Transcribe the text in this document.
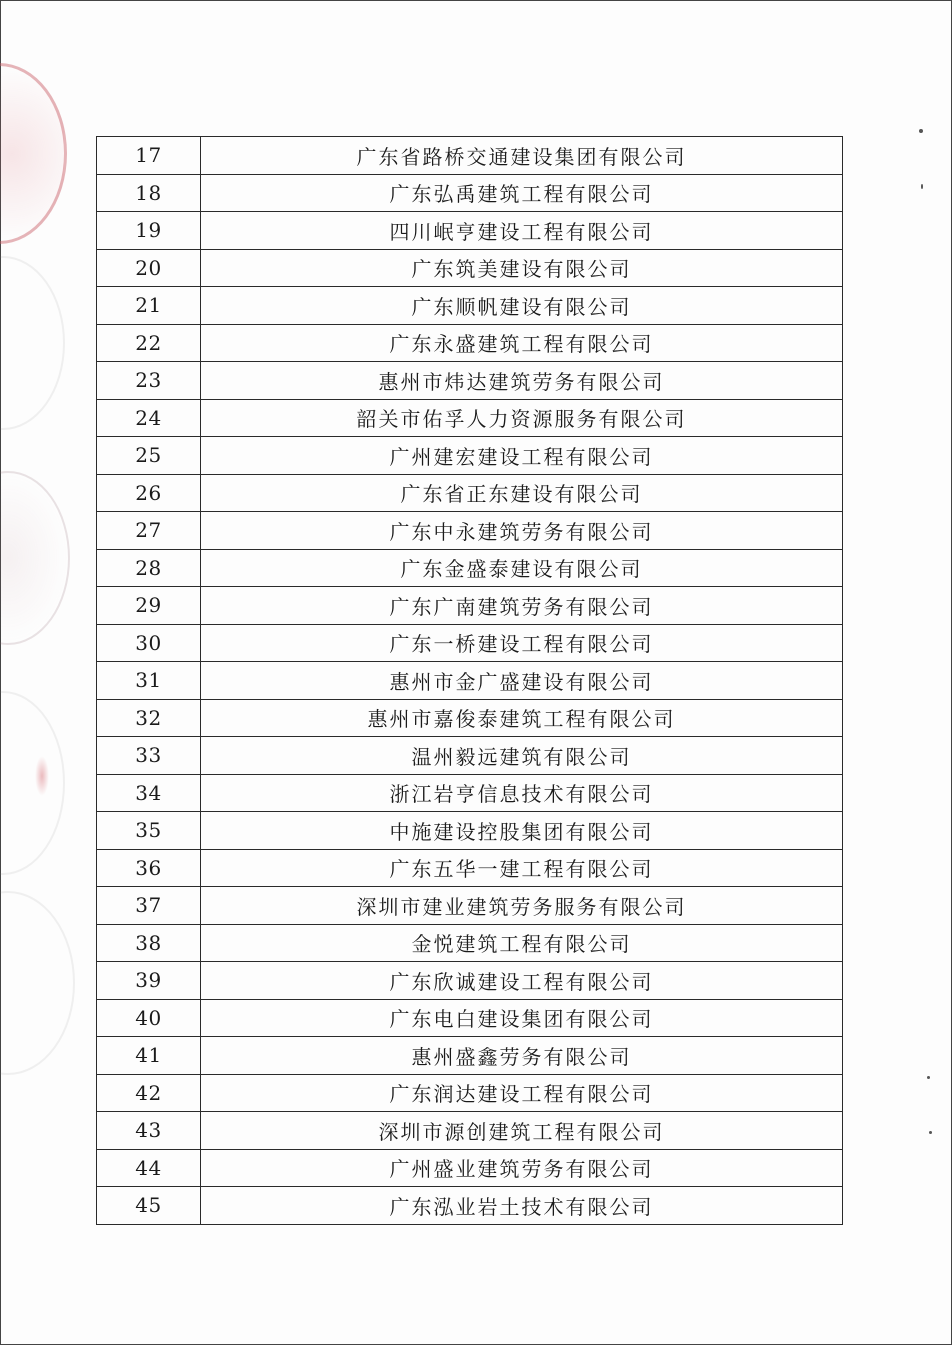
17	广东省路桥交通建设集团有限公司
18	广东弘禹建筑工程有限公司
19	四川岷亨建设工程有限公司
20	广东筑美建设有限公司
21	广东顺帆建设有限公司
22	广东永盛建筑工程有限公司
23	惠州市炜达建筑劳务有限公司
24	韶关市佑孚人力资源服务有限公司
25	广州建宏建设工程有限公司
26	广东省正东建设有限公司
27	广东中永建筑劳务有限公司
28	广东金盛泰建设有限公司
29	广东广南建筑劳务有限公司
30	广东一桥建设工程有限公司
31	惠州市金广盛建设有限公司
32	惠州市嘉俊泰建筑工程有限公司
33	温州毅远建筑有限公司
34	浙江岩亨信息技术有限公司
35	中施建设控股集团有限公司
36	广东五华一建工程有限公司
37	深圳市建业建筑劳务服务有限公司
38	金悦建筑工程有限公司
39	广东欣诚建设工程有限公司
40	广东电白建设集团有限公司
41	惠州盛鑫劳务有限公司
42	广东润达建设工程有限公司
43	深圳市源创建筑工程有限公司
44	广州盛业建筑劳务有限公司
45	广东泓业岩土技术有限公司
